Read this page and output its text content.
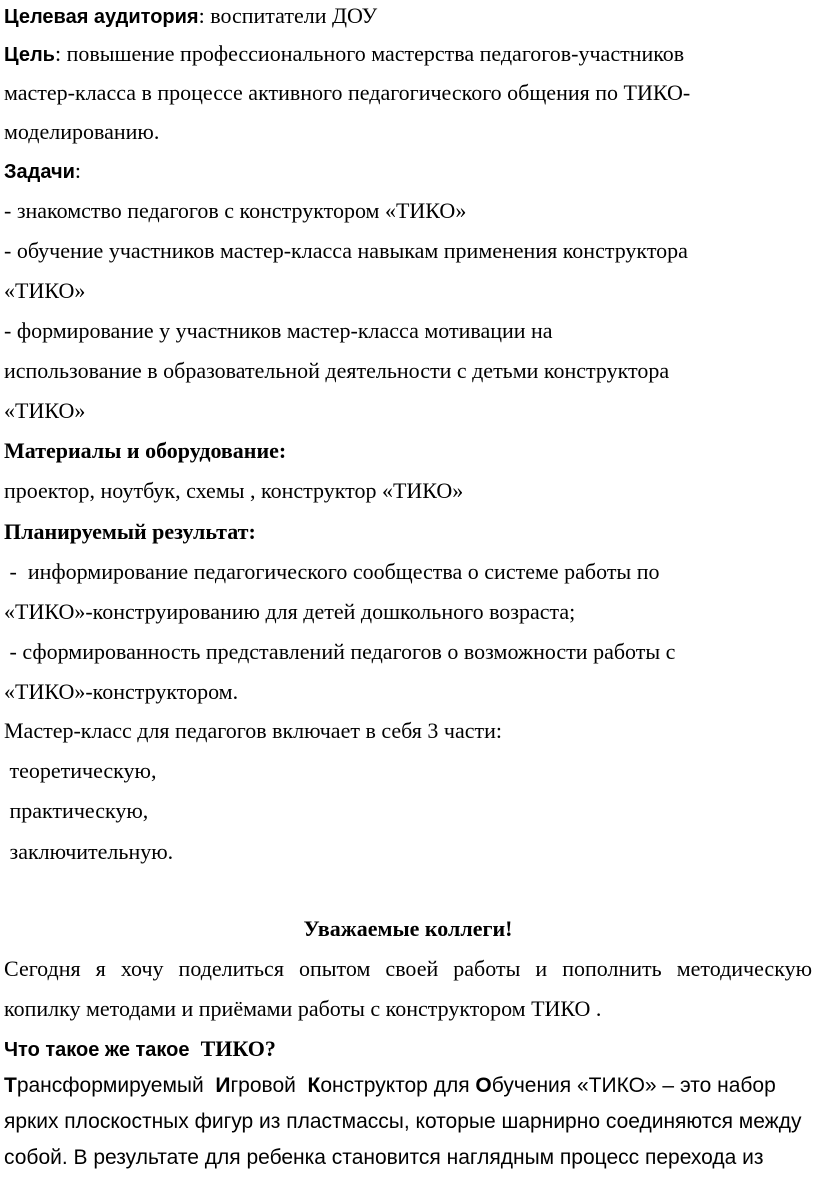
Целевая аудитория: воспитатели ДОУ
Цель: повышение профессионального мастерства педагогов-участников
мастер-класса в процессе активного педагогического общения по ТИКО-
моделированию.
Задачи:
- знакомство педагогов с конструктором «ТИКО»
- обучение участников мастер-класса навыкам применения конструктора
«ТИКО»
- формирование у участников мастер-класса мотивации на
использование в образовательной деятельности с детьми конструктора
«ТИКО»
Материалы и оборудование:
проектор, ноутбук, схемы , конструктор «ТИКО»
Планируемый результат:
-  информирование педагогического сообщества о системе работы по
«ТИКО»-конструированию для детей дошкольного возраста;
- сформированность представлений педагогов о возможности работы с
«ТИКО»-конструктором.
Мастер-класс для педагогов включает в себя 3 части:
теоретическую,
практическую,
заключительную.
Уважаемые коллеги!
Сегодня я хочу поделиться опытом своей работы и пополнить методическую
копилку методами и приёмами работы с конструктором ТИКО .
Что такое же такое  ТИКО?
Трансформируемый  Игровой  Конструктор для Обучения «ТИКО» – это набор
ярких плоскостных фигур из пластмассы, которые шарнирно соединяются между
собой. В результате для ребенка становится наглядным процесс перехода из
